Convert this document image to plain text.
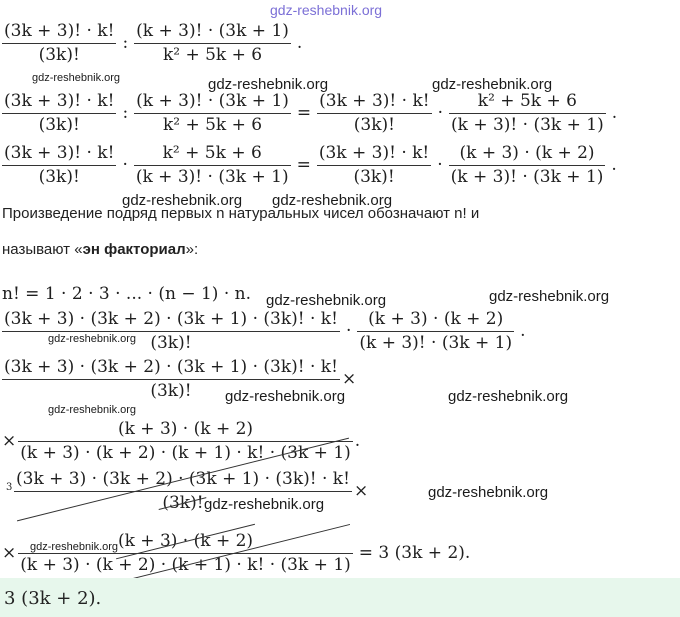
gdz-reshebnik.org
$\frac{(3k + 3)! \cdot k!}{(3k)!}$ : $\frac{(k + 3)! \cdot (3k + 1)}{\text{k² + 5k + 6}}$ .
gdz-reshebnik.org	gdz-reshebnik.org	gdz-reshebnik.org
$\frac{(3k + 3)! \cdot k!}{(3k)!}$ : $\frac{(k + 3)! \cdot (3k + 1)}{\text{k² + 5k + 6}} = \frac{(3k + 3)! \cdot k!}{(3k)!} \cdot \frac{\text{k² + 5k + 6}}{(k + 3)! \cdot (3k + 1)}$ .
$\frac{(3k + 3)! \cdot k!}{(3k)!} \cdot \frac{\text{k² + 5k + 6}}{(k + 3)! \cdot (3k + 1)} = \frac{(3k + 3)! \cdot k!}{(3k)!} \cdot \frac{(k + 3) \cdot (k + 2)}{(k + 3)! \cdot (3k + 1)}$ .
gdz-reshebnik.org gdz-reshebnik.org
Произведение подряд первых n натуральных чисел обозначают n! и
называют «эн факториал»:
n! = 1 · 2 · 3 · ... · (n − 1) · n. gdz-reshebnik.org	gdz-reshebnik.org
$\frac{(3k + 3) \cdot (3k + 2) \cdot (3k + 1) \cdot (3k)! \cdot k!}{(3k)!} \cdot \frac{(k + 3) \cdot (k + 2)}{(k + 3)! \cdot (3k + 1)}$ .
gdz-reshebnik.org
$\frac{(3k + 3) \cdot (3k + 2) \cdot (3k + 1) \cdot (3k)! \cdot k!}{(3k)!}$ ×
gdz-reshebnik.org	gdz-reshebnik.org
gdz-reshebnik.org
× $\frac{(k + 3) \cdot (k + 2)}{(k + 3) \cdot (k + 2) \cdot (k + 1) \cdot k! \cdot (3k + 1)}$ .
$3 \frac{(3k + 3) \cdot (3k + 2) \cdot (3k + 1) \cdot (3k)! \cdot k!}{(3k)!}$ ×
gdz-reshebnik.org
gdz-reshebnik.org
gdz-reshebnik.org
× $\frac{(k + 3) \cdot (k + 2)}{(k + 3) \cdot (k + 2) \cdot (k + 1) \cdot k! \cdot (3k + 1)} = 3$ (3k + 2).
3 (3k + 2).
